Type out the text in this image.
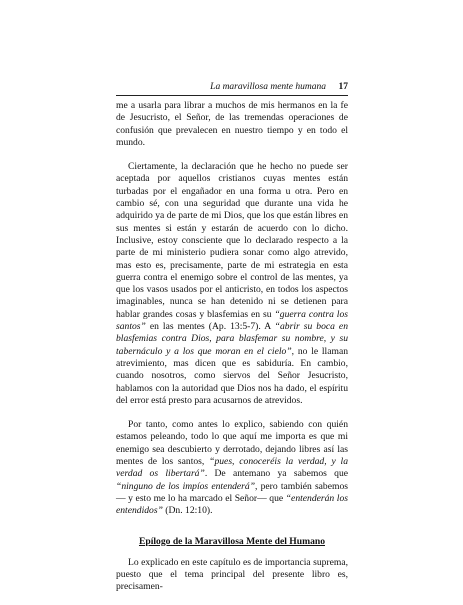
La maravillosa mente humana 17

me a usarla para librar a muchos de mis hermanos en la fe de Jesucristo, el Señor, de las tremendas operaciones de confusión que prevalecen en nuestro tiempo y en todo el mundo.

Ciertamente, la declaración que he hecho no puede ser aceptada por aquellos cristianos cuyas mentes están turbadas por el engañador en una forma u otra. Pero en cambio sé, con una seguridad que durante una vida he adquirido ya de parte de mi Dios, que los que están libres en sus mentes si están y estarán de acuerdo con lo dicho. Inclusive, estoy consciente que lo declarado respecto a la parte de mi ministerio pudiera sonar como algo atrevido, mas esto es, precisamente, parte de mi estrategia en esta guerra contra el enemigo sobre el control de las mentes, ya que los vasos usados por el anticristo, en todos los aspectos imaginables, nunca se han detenido ni se detienen para hablar grandes cosas y blasfemias en su “guerra contra los santos” en las mentes (Ap. 13:5-7). A “abrir su boca en blasfemias contra Dios, para blasfemar su nombre, y su tabernáculo y a los que moran en el cielo”, no le llaman atrevimiento, mas dicen que es sabiduría. En cambio, cuando nosotros, como siervos del Señor Jesucristo, hablamos con la autoridad que Dios nos ha dado, el espíritu del error está presto para acusarnos de atrevidos.

Por tanto, como antes lo explico, sabiendo con quién estamos peleando, todo lo que aquí me importa es que mi enemigo sea descubierto y derrotado, dejando libres así las mentes de los santos, “pues, conoceréis la verdad, y la verdad os libertará”. De antemano ya sabemos que “ninguno de los impíos entenderá”, pero también sabemos— y esto me lo ha marcado el Señor— que “entenderán los entendidos” (Dn. 12:10).

Epílogo de la Maravillosa Mente del Humano

Lo explicado en este capítulo es de importancia suprema, puesto que el tema principal del presente libro es, precisamen-
